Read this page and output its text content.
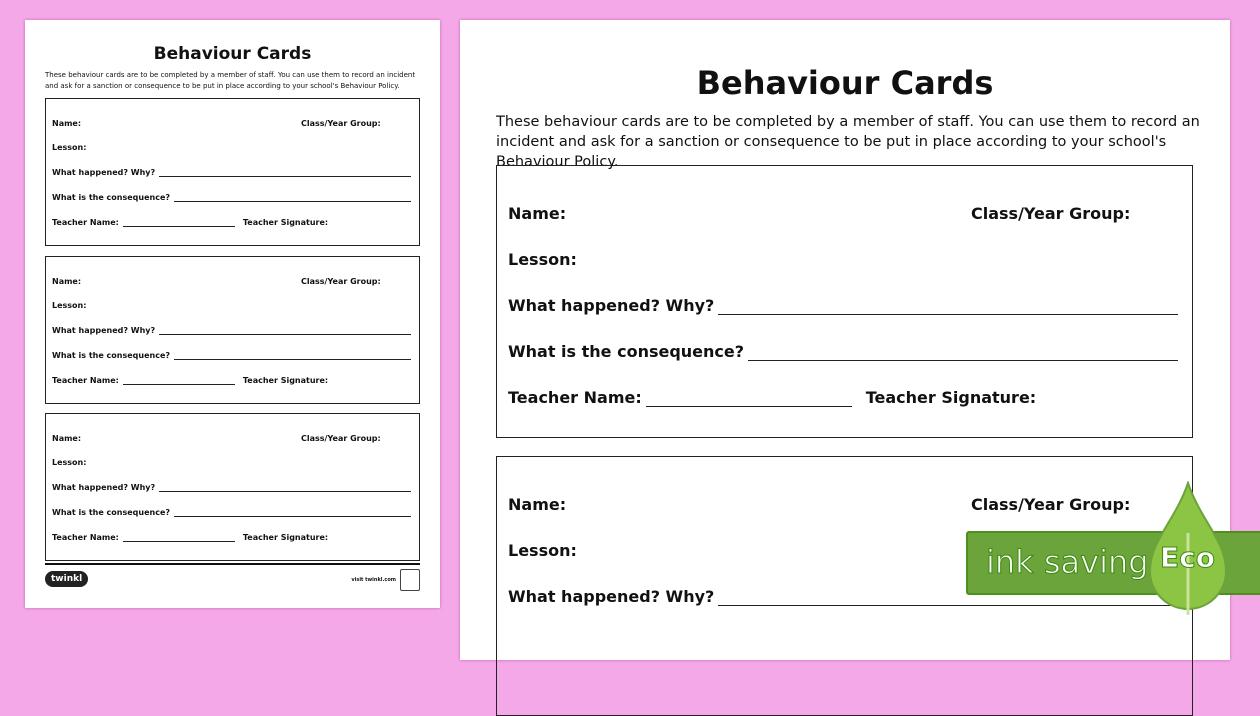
Behaviour Cards
These behaviour cards are to be completed by a member of staff. You can use them to record an incident and ask for a sanction or consequence to be put in place according to your school's Behaviour Policy.
twinkl	visit twinkl.com
Name:	Class/Year Group:
Lesson:
What happened? Why?
What is the consequence?
Teacher Name:	Teacher Signature:
Name:	Class/Year Group:
Lesson:
What happened? Why?
What is the consequence?
Teacher Name:	Teacher Signature:
Name:	Class/Year Group:
Lesson:
What happened? Why?
What is the consequence?
Teacher Name:	Teacher Signature:
Behaviour Cards
These behaviour cards are to be completed by a member of staff. You can use them to record an incident and ask for a sanction or consequence to be put in place according to your school's Behaviour Policy.
Name:	Class/Year Group:
Lesson:
What happened? Why?
What is the consequence?
Teacher Name:	Teacher Signature:
Name:	Class/Year Group:
Lesson:
What happened? Why?
ink saving Eco
